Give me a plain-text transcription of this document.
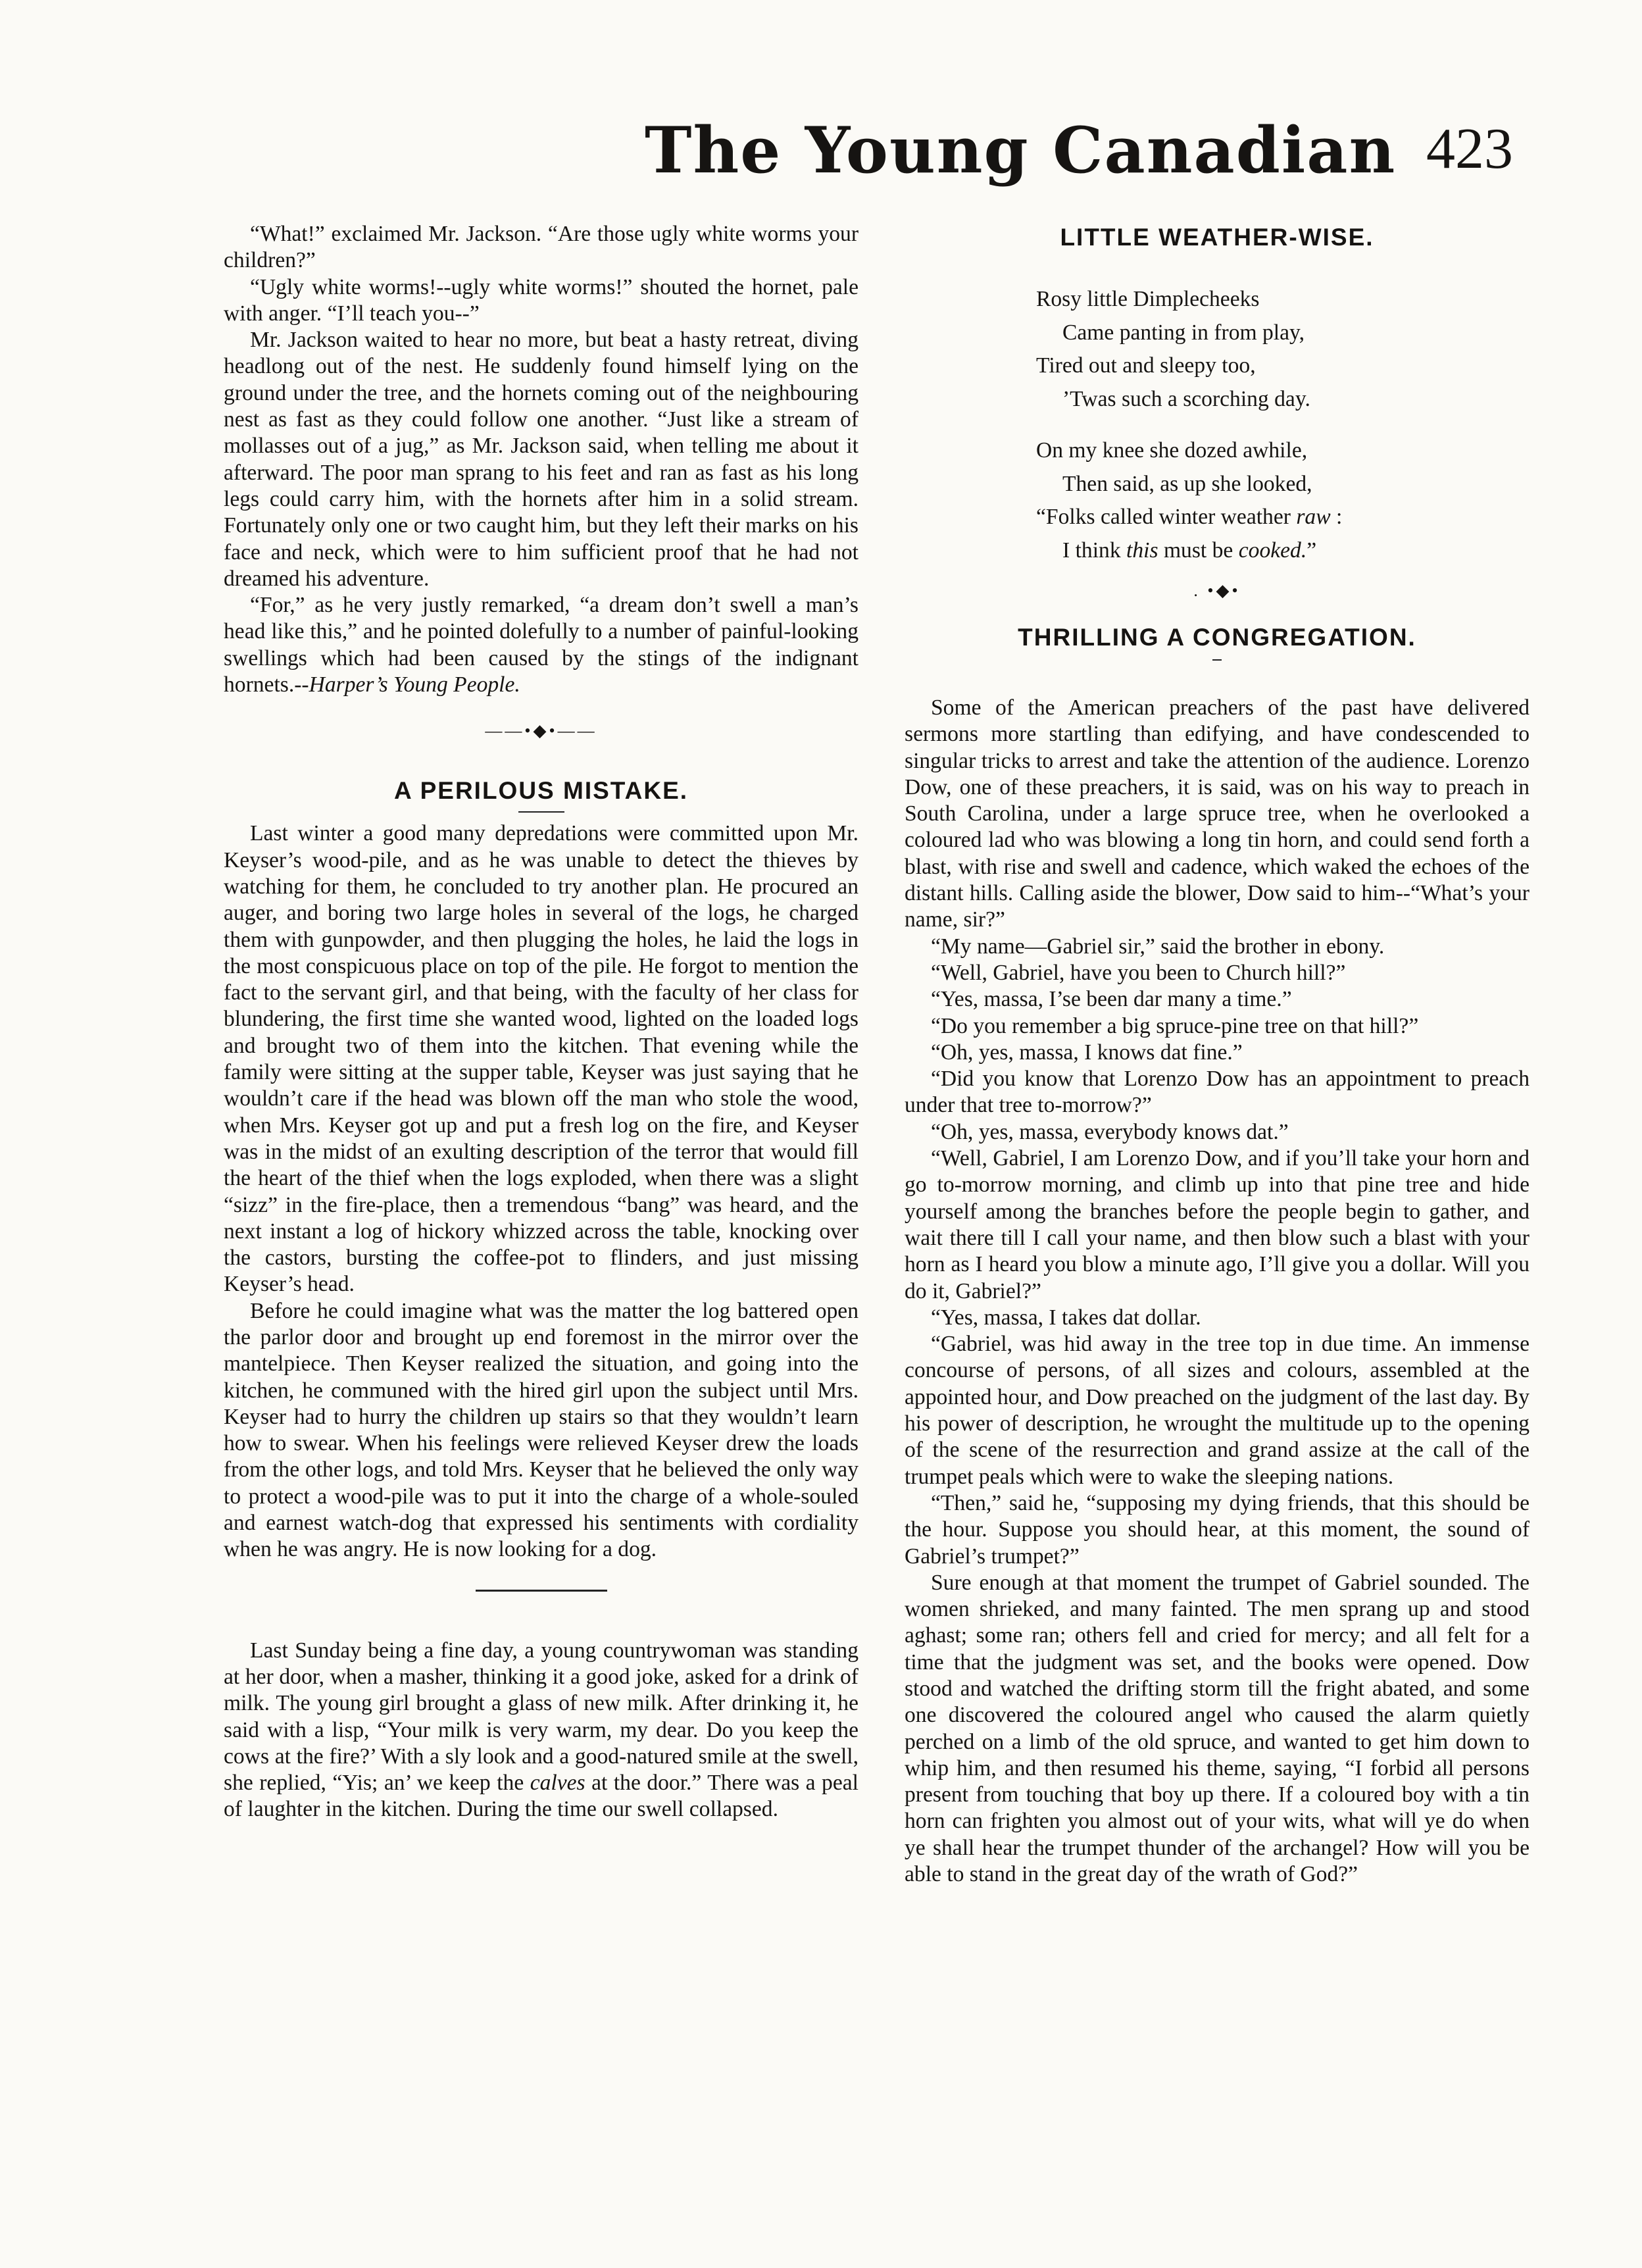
The Young Canadian 423

“What!” exclaimed Mr. Jackson. “Are those ugly white worms your children?”

“Ugly white worms!--ugly white worms!” shouted the hornet, pale with anger. “I’ll teach you--”

Mr. Jackson waited to hear no more, but beat a hasty retreat, diving headlong out of the nest. He suddenly found himself lying on the ground under the tree, and the hornets coming out of the neighbouring nest as fast as they could follow one another. “Just like a stream of mollasses out of a jug,” as Mr. Jackson said, when telling me about it afterward. The poor man sprang to his feet and ran as fast as his long legs could carry him, with the hornets after him in a solid stream. Fortunately only one or two caught him, but they left their marks on his face and neck, which were to him sufficient proof that he had not dreamed his adventure.

“For,” as he very justly remarked, “a dream don’t swell a man’s head like this,” and he pointed dolefully to a number of painful-looking swellings which had been caused by the stings of the indignant hornets.--Harper’s Young People.

——•◆•——
A PERILOUS MISTAKE.

Last winter a good many depredations were committed upon Mr. Keyser’s wood-pile, and as he was unable to detect the thieves by watching for them, he concluded to try another plan. He procured an auger, and boring two large holes in several of the logs, he charged them with gunpowder, and then plugging the holes, he laid the logs in the most conspicuous place on top of the pile. He forgot to mention the fact to the servant girl, and that being, with the faculty of her class for blundering, the first time she wanted wood, lighted on the loaded logs and brought two of them into the kitchen. That evening while the family were sitting at the supper table, Keyser was just saying that he wouldn’t care if the head was blown off the man who stole the wood, when Mrs. Keyser got up and put a fresh log on the fire, and Keyser was in the midst of an exulting description of the terror that would fill the heart of the thief when the logs exploded, when there was a slight “sizz” in the fire-place, then a tremendous “bang” was heard, and the next instant a log of hickory whizzed across the table, knocking over the castors, bursting the coffee-pot to flinders, and just missing Keyser’s head.

Before he could imagine what was the matter the log battered open the parlor door and brought up end foremost in the mirror over the mantelpiece. Then Keyser realized the situation, and going into the kitchen, he communed with the hired girl upon the subject until Mrs. Keyser had to hurry the children up stairs so that they wouldn’t learn how to swear. When his feelings were relieved Keyser drew the loads from the other logs, and told Mrs. Keyser that he believed the only way to protect a wood-pile was to put it into the charge of a whole-souled and earnest watch-dog that expressed his sentiments with cordiality when he was angry. He is now looking for a dog.

Last Sunday being a fine day, a young countrywoman was standing at her door, when a masher, thinking it a good joke, asked for a drink of milk. The young girl brought a glass of new milk. After drinking it, he said with a lisp, “Your milk is very warm, my dear. Do you keep the cows at the fire?’ With a sly look and a good-natured smile at the swell, she replied, “Yis; an’ we keep the calves at the door.” There was a peal of laughter in the kitchen. During the time our swell collapsed.

LITTLE WEATHER-WISE.
Rosy little Dimplecheeks
Came panting in from play,
Tired out and sleepy too,
’Twas such a scorching day.
On my knee she dozed awhile,
Then said, as up she looked,
“Folks called winter weather raw :
I think this must be cooked.”
. •◆•
THRILLING A CONGREGATION.

Some of the American preachers of the past have delivered sermons more startling than edifying, and have condescended to singular tricks to arrest and take the attention of the audience. Lorenzo Dow, one of these preachers, it is said, was on his way to preach in South Carolina, under a large spruce tree, when he overlooked a coloured lad who was blowing a long tin horn, and could send forth a blast, with rise and swell and cadence, which waked the echoes of the distant hills. Calling aside the blower, Dow said to him--“What’s your name, sir?”

“My name—Gabriel sir,” said the brother in ebony.

“Well, Gabriel, have you been to Church hill?”

“Yes, massa, I’se been dar many a time.”

“Do you remember a big spruce-pine tree on that hill?”

“Oh, yes, massa, I knows dat fine.”

“Did you know that Lorenzo Dow has an appointment to preach under that tree to-morrow?”

“Oh, yes, massa, everybody knows dat.”

“Well, Gabriel, I am Lorenzo Dow, and if you’ll take your horn and go to-morrow morning, and climb up into that pine tree and hide yourself among the branches before the people begin to gather, and wait there till I call your name, and then blow such a blast with your horn as I heard you blow a minute ago, I’ll give you a dollar. Will you do it, Gabriel?”

“Yes, massa, I takes dat dollar.

“Gabriel, was hid away in the tree top in due time. An immense concourse of persons, of all sizes and colours, assembled at the appointed hour, and Dow preached on the judgment of the last day. By his power of description, he wrought the multitude up to the opening of the scene of the resurrection and grand assize at the call of the trumpet peals which were to wake the sleeping nations.

“Then,” said he, “supposing my dying friends, that this should be the hour. Suppose you should hear, at this moment, the sound of Gabriel’s trumpet?”

Sure enough at that moment the trumpet of Gabriel sounded. The women shrieked, and many fainted. The men sprang up and stood aghast; some ran; others fell and cried for mercy; and all felt for a time that the judgment was set, and the books were opened. Dow stood and watched the drifting storm till the fright abated, and some one discovered the coloured angel who caused the alarm quietly perched on a limb of the old spruce, and wanted to get him down to whip him, and then resumed his theme, saying, “I forbid all persons present from touching that boy up there. If a coloured boy with a tin horn can frighten you almost out of your wits, what will ye do when ye shall hear the trumpet thunder of the archangel? How will you be able to stand in the great day of the wrath of God?”
